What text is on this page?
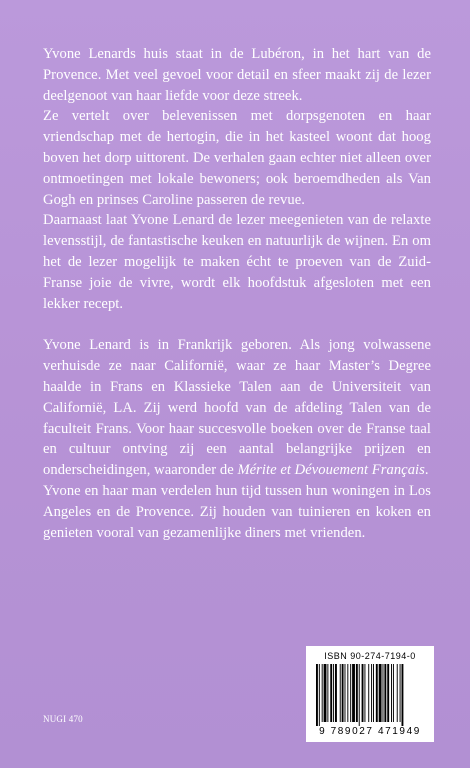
Yvone Lenards huis staat in de Lubéron, in het hart van de Provence. Met veel gevoel voor detail en sfeer maakt zij de lezer deelgenoot van haar liefde voor deze streek.

Ze vertelt over belevenissen met dorpsgenoten en haar vriendschap met de hertogin, die in het kasteel woont dat hoog boven het dorp uittorent. De verhalen gaan echter niet alleen over ontmoetingen met lokale bewoners; ook beroemdheden als Van Gogh en prinses Caroline passeren de revue.

Daarnaast laat Yvone Lenard de lezer meegenieten van de relaxte levensstijl, de fantastische keuken en natuurlijk de wijnen. En om het de lezer mogelijk te maken écht te proeven van de Zuid-Franse joie de vivre, wordt elk hoofdstuk afgesloten met een lekker recept.

Yvone Lenard is in Frankrijk geboren. Als jong volwassene verhuisde ze naar Californië, waar ze haar Master’s Degree haalde in Frans en Klassieke Talen aan de Universiteit van Californië, LA. Zij werd hoofd van de afdeling Talen van de faculteit Frans. Voor haar succesvolle boeken over de Franse taal en cultuur ontving zij een aantal belangrijke prijzen en onderscheidingen, waaronder de Mérite et Dévouement Français.

Yvone en haar man verdelen hun tijd tussen hun woningen in Los Angeles en de Provence. Zij houden van tuinieren en koken en genieten vooral van gezamenlijke diners met vrienden.

NUGI 470
ISBN 90-274-7194-0
9 789027 471949
